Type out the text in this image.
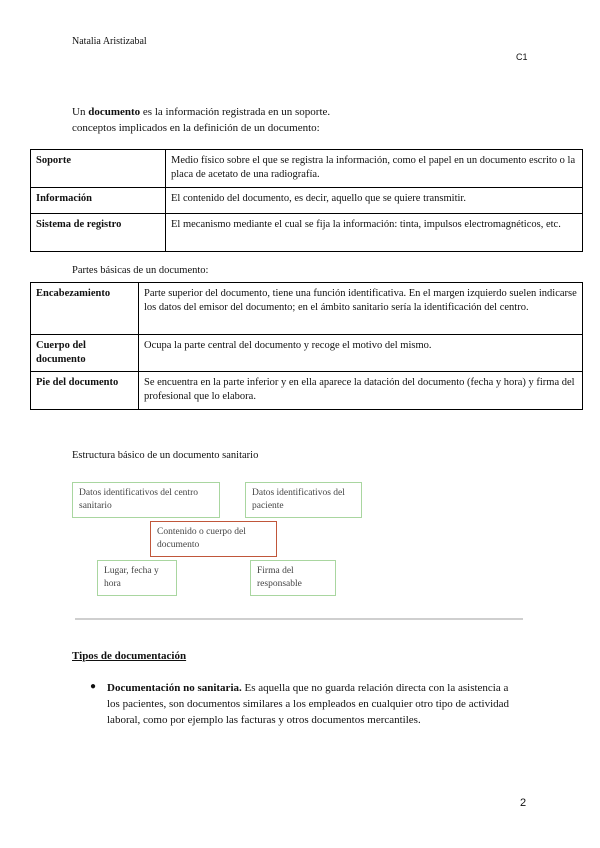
Natalia Aristizabal
C1
Un documento es la información registrada en un soporte.
conceptos implicados en la definición de un documento:
Soporte	Medio físico sobre el que se registra la información, como el papel en un documento escrito o la placa de acetato de una radiografía.
Información	El contenido del documento, es decir, aquello que se quiere transmitir.
Sistema de registro	El mecanismo mediante el cual se fija la información: tinta, impulsos electromagnéticos, etc.
Partes básicas de un documento:
Encabezamiento	Parte superior del documento, tiene una función identificativa. En el margen izquierdo suelen indicarse los datos del emisor del documento; en el ámbito sanitario sería la identificación del centro.
Cuerpo del documento	Ocupa la parte central del documento y recoge el motivo del mismo.
Pie del documento	Se encuentra en la parte inferior y en ella aparece la datación del documento (fecha y hora) y firma del profesional que lo elabora.
Estructura básico de un documento sanitario
Datos identificativos del centro sanitario
Datos identificativos del paciente
Contenido o cuerpo del documento
Lugar, fecha y hora
Firma del responsable
Tipos de documentación
● Documentación no sanitaria. Es aquella que no guarda relación directa con la asistencia a los pacientes, son documentos similares a los empleados en cualquier otro tipo de actividad laboral, como por ejemplo las facturas y otros documentos mercantiles.
2
